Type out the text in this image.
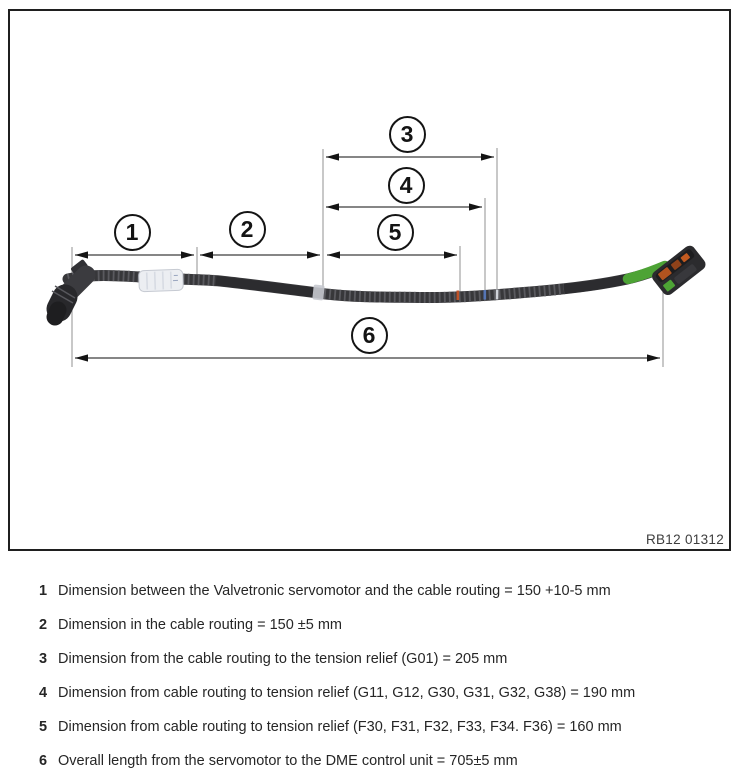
1	2
3
4
5
6
RB12 01312
1 Dimension between the Valvetronic servomotor and the cable routing = 150 +10-5 mm
2 Dimension in the cable routing = 150 ±5 mm
3 Dimension from the cable routing to the tension relief (G01) = 205 mm
4 Dimension from cable routing to tension relief (G11, G12, G30, G31, G32, G38) = 190 mm
5 Dimension from cable routing to tension relief (F30, F31, F32, F33, F34. F36) = 160 mm
6 Overall length from the servomotor to the DME control unit = 705±5 mm
